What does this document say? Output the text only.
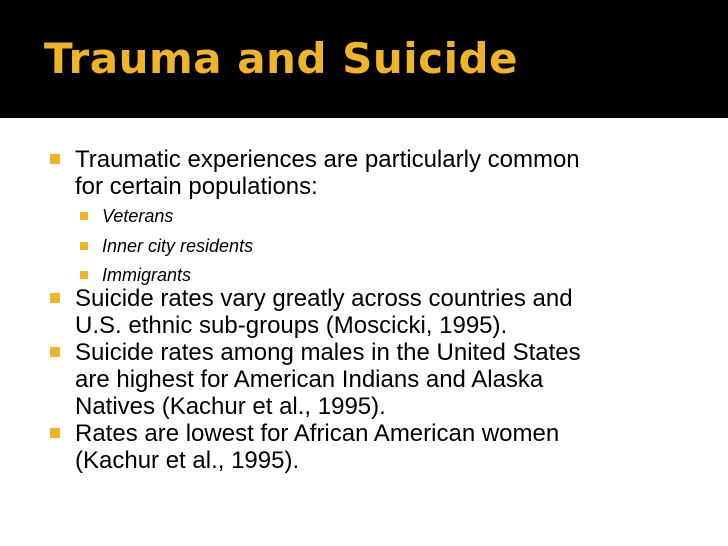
Trauma and Suicide

Traumatic experiences are particularly common

for certain populations:

Veterans

Inner city residents

Immigrants

Suicide rates vary greatly across countries and

U.S. ethnic sub-groups (Moscicki, 1995).

Suicide rates among males in the United States

are highest for American Indians and Alaska

Natives (Kachur et al., 1995).

Rates are lowest for African American women

(Kachur et al., 1995).
